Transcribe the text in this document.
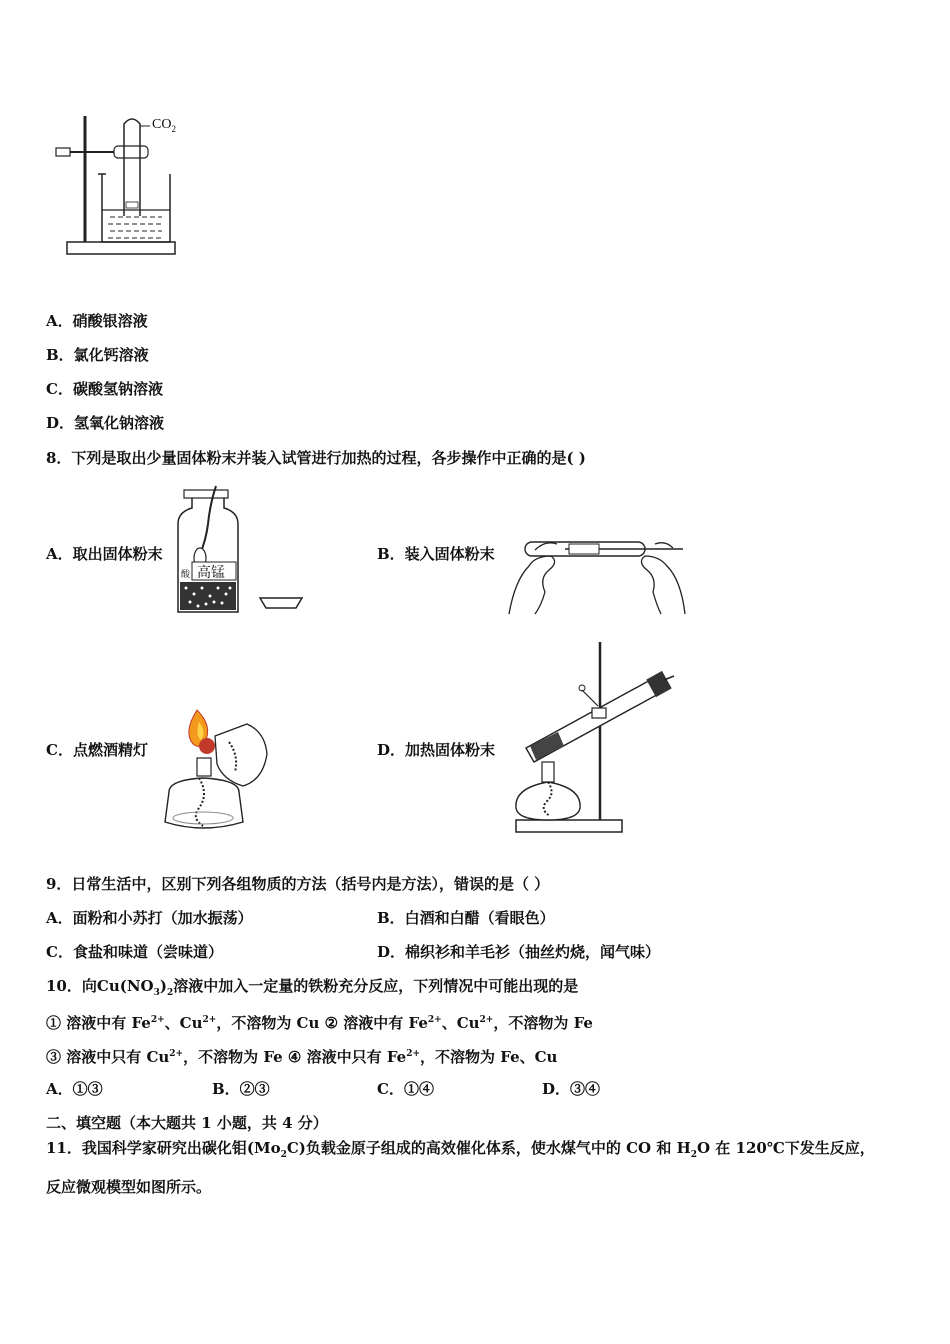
$CO_2$
A．硝酸银溶液
B．氯化钙溶液
C．碳酸氢钠溶液
D．氢氧化钠溶液
8．下列是取出少量固体粉末并装入试管进行加热的过程，各步操作中正确的是( )
A．取出固体粉末
高锰
酸
B．装入固体粉末
C．点燃酒精灯	D．加热固体粉末
9．日常生活中，区别下列各组物质的方法（括号内是方法），错误的是（ ）
A．面粉和小苏打（加水振荡）	B．白酒和白醋（看眼色）
C．食盐和味道（尝味道）	D．棉织衫和羊毛衫（抽丝灼烧，闻气味）
10．向$Cu(NO_3)_2$溶液中加入一定量的铁粉充分反应，下列情况中可能出现的是
① 溶液中有 $Fe^{2+}$、$Cu^{2+}$，不溶物为 Cu ② 溶液中有 $Fe^{2+}$、$Cu^{2+}$，不溶物为 Fe
③ 溶液中只有 $Cu^{2+}$，不溶物为 Fe ④ 溶液中只有 $Fe^{2+}$，不溶物为 Fe、Cu
A．①③	B．②③	C．①④	D．③④
二、填空题（本大题共 1 小题，共 4 分）
11．我国科学家研究出碳化钼$(Mo_2C)$负载金原子组成的高效催化体系，使水煤气中的 CO 和 $H_2O$ 在 120℃下发生反应，
反应微观模型如图所示。
